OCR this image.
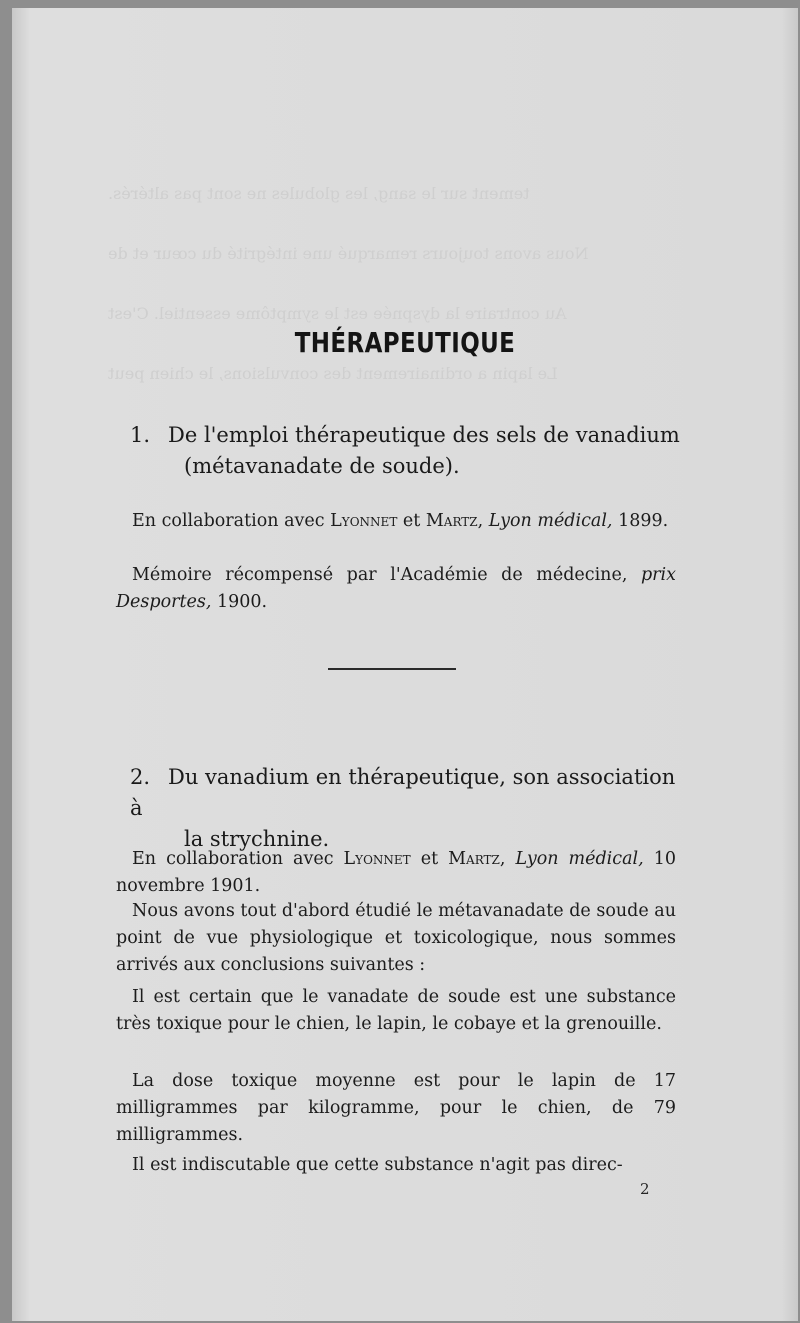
tement sur le sang, les globules ne sont pas altérés.
Nous avons toujours remarqué une intégrité du cœur et de
Au contraire la dyspnée est le symptôme essentiel. C'est
Le lapin a ordinairement des convulsions, le chien peut
THÉRAPEUTIQUE
1. De l'emploi thérapeutique des sels de vanadium
(métavanadate de soude).
En collaboration avec Lyonnet et Martz, Lyon médical, 1899.
Mémoire récompensé par l'Académie de médecine, prix Desportes, 1900.
2. Du vanadium en thérapeutique, son association à
la strychnine.
En collaboration avec Lyonnet et Martz, Lyon médical, 10 novembre 1901.
Nous avons tout d'abord étudié le métavanadate de soude au point de vue physiologique et toxicologique, nous sommes arrivés aux conclusions suivantes :
Il est certain que le vanadate de soude est une substance très toxique pour le chien, le lapin, le cobaye et la grenouille.
La dose toxique moyenne est pour le lapin de 17 milligrammes par kilogramme, pour le chien, de 79 milligrammes.
Il est indiscutable que cette substance n'agit pas direc-
2
